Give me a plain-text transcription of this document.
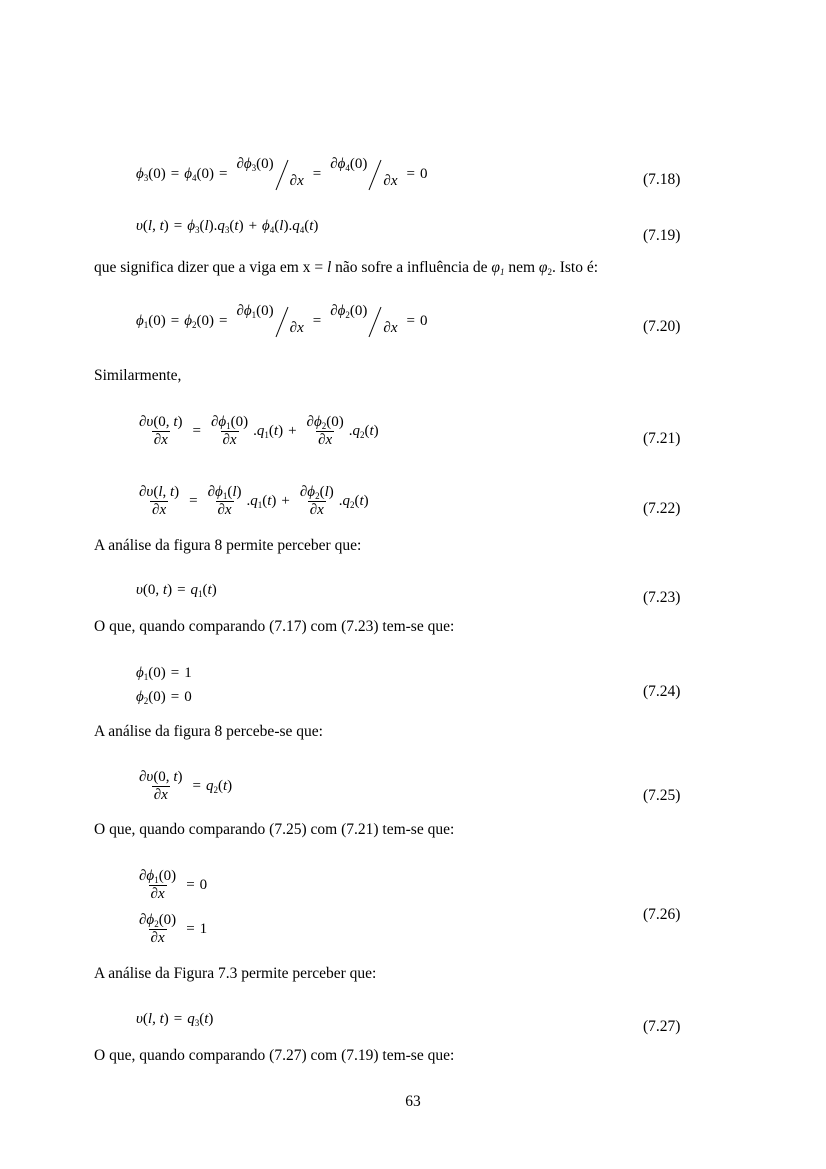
$\phi_3(0) = \phi_4(0)$ =
$\partial\phi_3(0)$
∂x =
$\partial\phi_4(0)$
∂x = 0	(7.18)
υ(l, $t) = \phi_3(l).q_3(t) + \phi_4(l).q_4(t)$
(7.19)
que significa dizer que a viga em x = l não sofre a influência de $\varphi_1$ nem $\varphi_2$. Isto é:
$\phi_1(0) = \phi_2(0)$ =
$\partial\phi_1(0)$
∂x =
$\partial\phi_2(0)$
∂x = 0	(7.20)
Similarmente,
$\frac{\partial\upsilon(0, t)}{\partial x} = \frac{\partial\phi_1(0)}{\partial x} .q_1(t) + \frac{\partial\phi_2(0)}{\partial x} .q_2(t)$	(7.21)
$\frac{\partial\upsilon(l, t)}{\partial x} = \frac{\partial\phi_1(l)}{\partial x} .q_1(t) + \frac{\partial\phi_2(l)}{\partial x} .q_2(t)$	(7.22)
A análise da figura 8 permite perceber que:
υ(0, $t) = q_1(t)$	(7.23)
O que, quando comparando (7.17) com (7.23) tem-se que:
$\phi_1(0) = 1$
$\phi_2(0) = 0$	(7.24)
A análise da figura 8 percebe-se que:
$\frac{\partial\upsilon(0, t)}{\partial x} = q_2(t)$
(7.25)
O que, quando comparando (7.25) com (7.21) tem-se que:
$\frac{\partial\phi_1(0)}{\partial x} = 0$
$\frac{\partial\phi_2(0)}{\partial x} = 1$
(7.26)
A análise da Figura 7.3 permite perceber que:
υ(l, $t) = q_3(t)$	(7.27)
O que, quando comparando (7.27) com (7.19) tem-se que:
63
